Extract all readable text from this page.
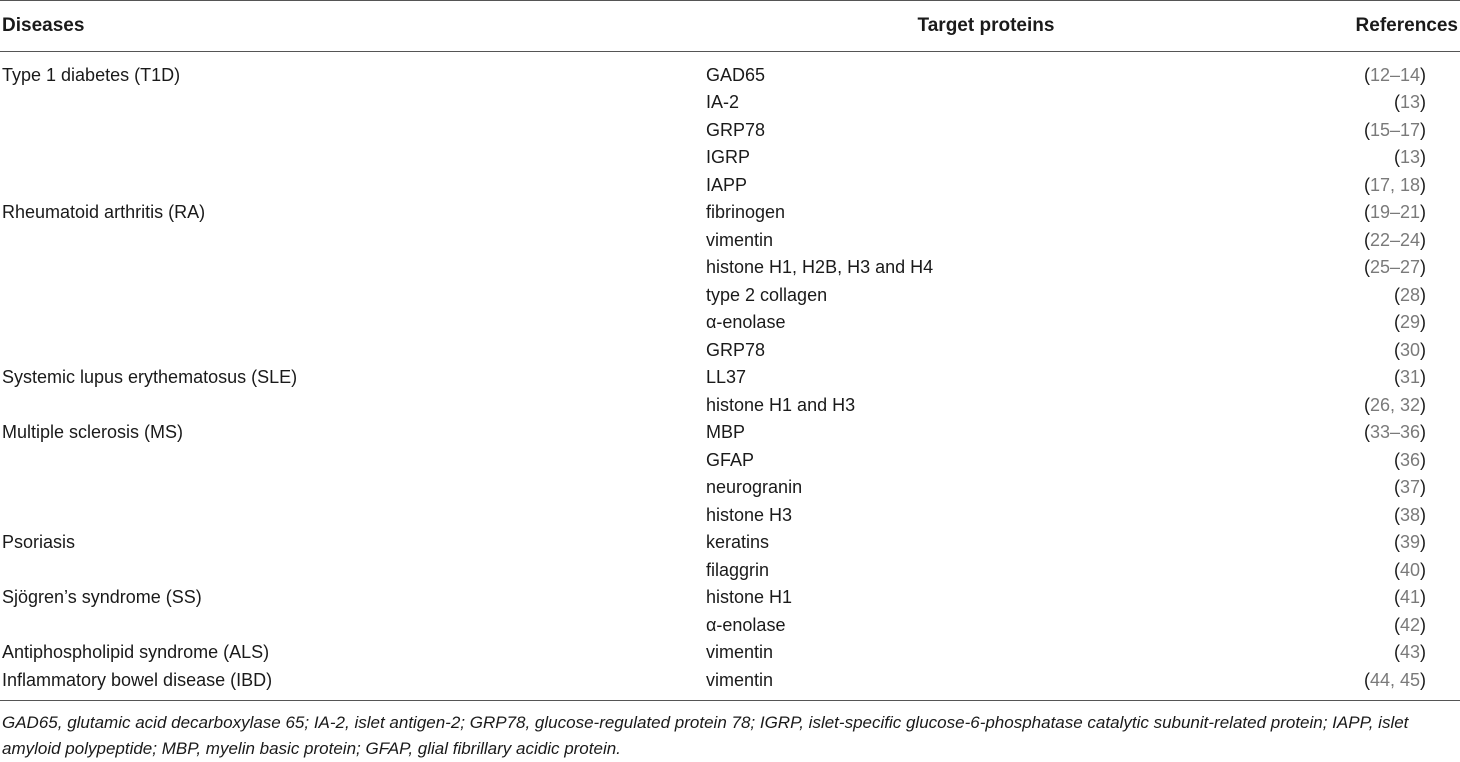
Diseases	Target proteins	References
Type 1 diabetes (T1D)	GAD65	(12–14)
	IA-2	(13)
	GRP78	(15–17)
	IGRP	(13)
	IAPP	(17, 18)
Rheumatoid arthritis (RA)	fibrinogen	(19–21)
	vimentin	(22–24)
	histone H1, H2B, H3 and H4	(25–27)
	type 2 collagen	(28)
	α-enolase	(29)
	GRP78	(30)
Systemic lupus erythematosus (SLE)	LL37	(31)
	histone H1 and H3	(26, 32)
Multiple sclerosis (MS)	MBP	(33–36)
	GFAP	(36)
	neurogranin	(37)
	histone H3	(38)
Psoriasis	keratins	(39)
	filaggrin	(40)
Sjögren’s syndrome (SS)	histone H1	(41)
	α-enolase	(42)
Antiphospholipid syndrome (ALS)	vimentin	(43)
Inflammatory bowel disease (IBD)	vimentin	(44, 45)
GAD65, glutamic acid decarboxylase 65; IA-2, islet antigen-2; GRP78, glucose-regulated protein 78; IGRP, islet-specific glucose-6-phosphatase catalytic subunit-related protein; IAPP, islet amyloid polypeptide; MBP, myelin basic protein; GFAP, glial fibrillary acidic protein.
